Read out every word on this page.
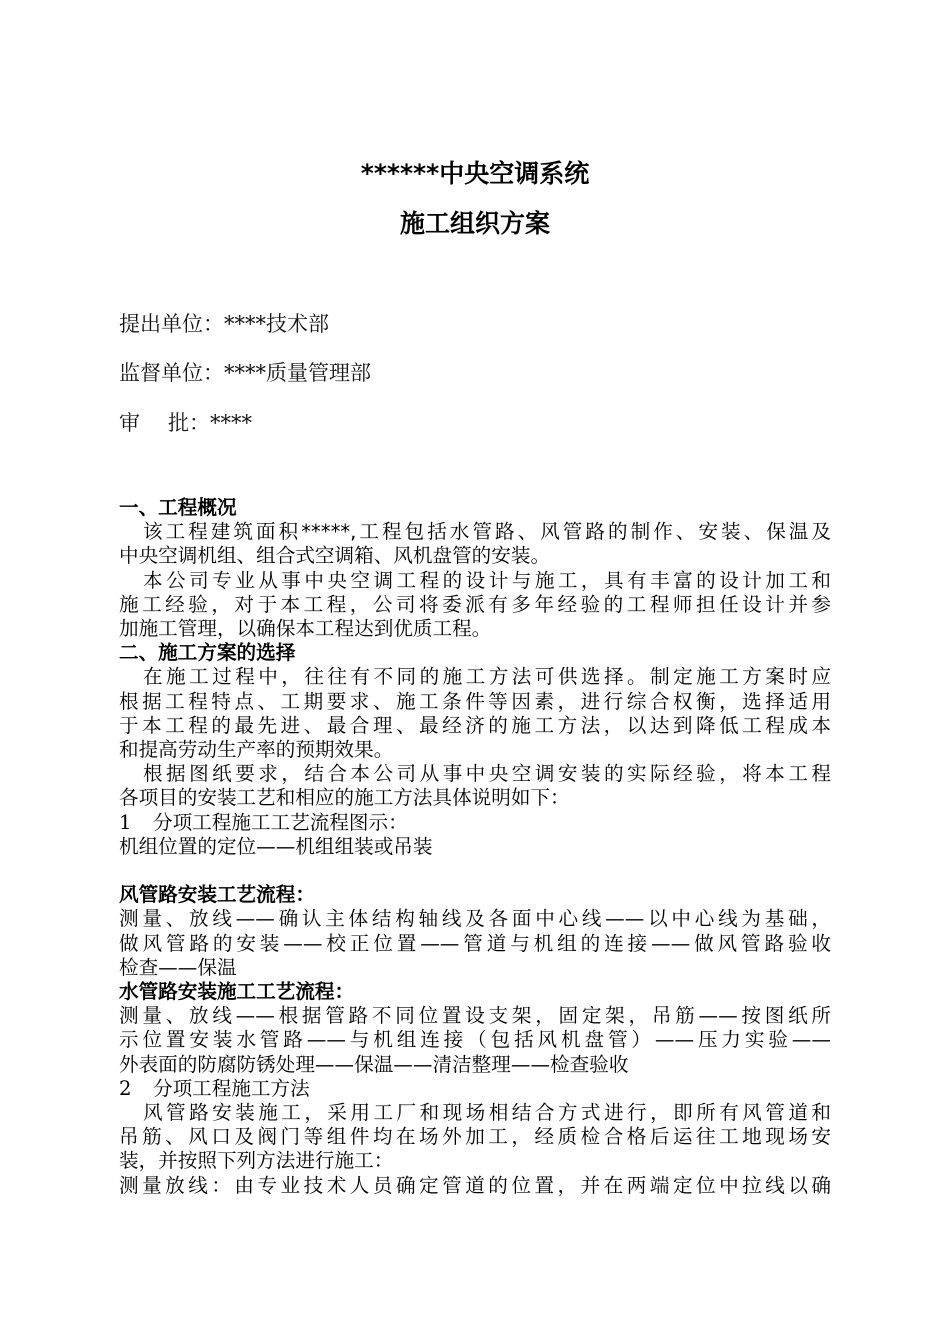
******中央空调系统
施工组织方案
提出单位：****技术部
监督单位：****质量管理部
审 批：****

一、工程概况

该工程建筑面积*****,工程包括水管路、风管路的制作、安装、保温及

中央空调机组、组合式空调箱、风机盘管的安装。

本公司专业从事中央空调工程的设计与施工，具有丰富的设计加工和

施工经验，对于本工程，公司将委派有多年经验的工程师担任设计并参
加施工管理，以确保本工程达到优质工程。

二、施工方案的选择

在施工过程中，往往有不同的施工方法可供选择。制定施工方案时应

根据工程特点、工期要求、施工条件等因素，进行综合权衡，选择适用
于本工程的最先进、最合理、最经济的施工方法，以达到降低工程成本
和提高劳动生产率的预期效果。

根据图纸要求，结合本公司从事中央空调安装的实际经验，将本工程

各项目的安装工艺和相应的施工方法具体说明如下：

1 分项工程施工工艺流程图示：

机组位置的定位——机组组装或吊装

风管路安装工艺流程：

测量、放线——确认主体结构轴线及各面中心线——以中心线为基础，
做风管路的安装——校正位置——管道与机组的连接——做风管路验收
检查——保温

水管路安装施工工艺流程：

测量、放线——根据管路不同位置设支架，固定架，吊筋——按图纸所
示位置安装水管路——与机组连接（包括风机盘管）——压力实验——
外表面的防腐防锈处理——保温——清洁整理——检查验收

2 分项工程施工方法

风管路安装施工，采用工厂和现场相结合方式进行，即所有风管道和

吊筋、风口及阀门等组件均在场外加工，经质检合格后运往工地现场安
装，并按照下列方法进行施工：

测量放线：由专业技术人员确定管道的位置，并在两端定位中拉线以确
